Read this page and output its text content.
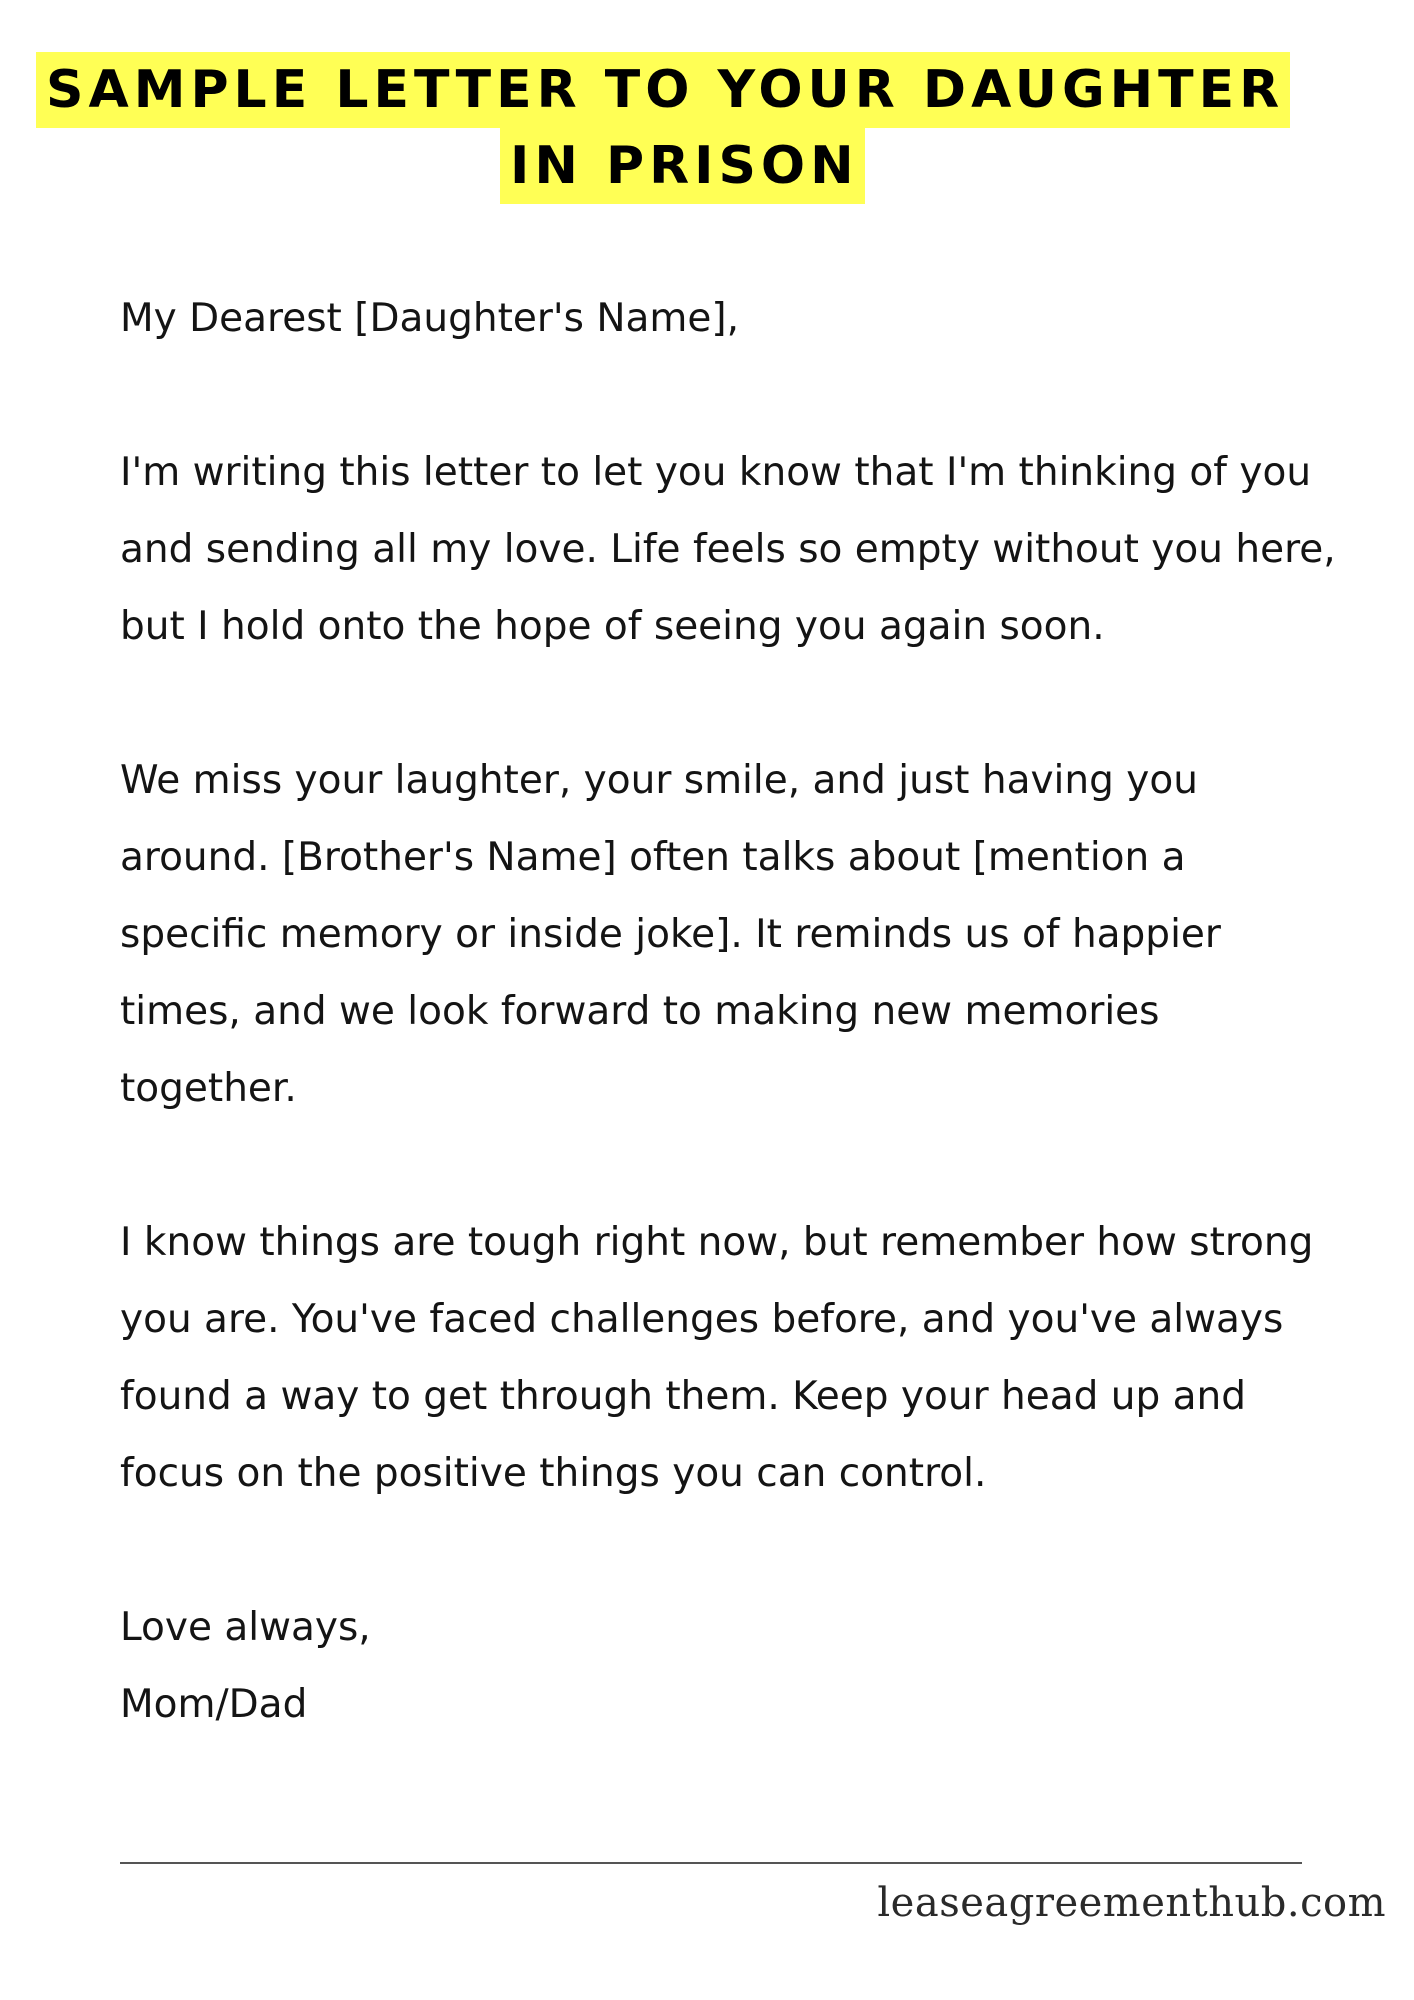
SAMPLE LETTER TO YOUR DAUGHTER
IN PRISON

My Dearest [Daughter's Name],

I'm writing this letter to let you know that I'm thinking of you and sending all my love. Life feels so empty without you here, but I hold onto the hope of seeing you again soon.

We miss your laughter, your smile, and just having you around. [Brother's Name] often talks about [mention a specific memory or inside joke]. It reminds us of happier times, and we look forward to making new memories together.

I know things are tough right now, but remember how strong you are. You've faced challenges before, and you've always found a way to get through them. Keep your head up and focus on the positive things you can control.

Love always,
Mom/Dad
leaseagreementhub.com
